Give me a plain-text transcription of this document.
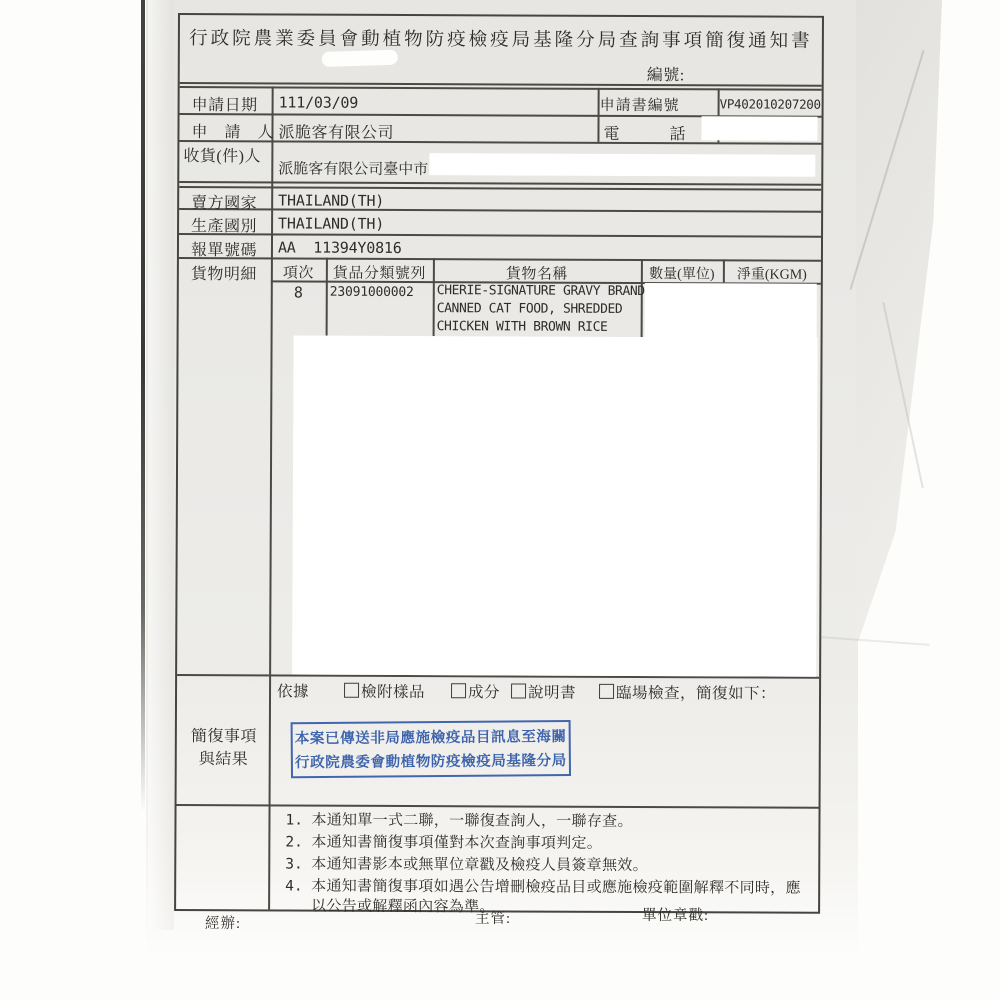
行政院農業委員會動植物防疫檢疫局基隆分局查詢事項簡復通知書
編號:
申請日期 111/03/09	申請書編號	VP402010207200
申　請　人 派脆客有限公司	電　　　話
收貨(件)人
派脆客有限公司臺中市
賣方國家 THAILAND(TH)
生產國別 THAILAND(TH)
報單號碼 AA  11394Y0816
貨物明細	項次	貨品分類號列	貨物名稱	數量(單位)	淨重(KGM)
8	23091000002 CHERIE-SIGNATURE GRAVY BRAND
CANNED CAT FOOD, SHREDDED
CHICKEN WITH BROWN RICE
依據	檢附樣品	成分 說明書	臨場檢查，簡復如下：
簡復事項
與結果
本案已傳送非局應施檢疫品目訊息至海關
行政院農委會動植物防疫檢疫局基隆分局
1. 本通知單一式二聯，一聯復查詢人，一聯存查。
2. 本通知書簡復事項僅對本次查詢事項判定。
3. 本通知書影本或無單位章戳及檢疫人員簽章無效。
4. 本通知書簡復事項如遇公告增刪檢疫品目或應施檢疫範圍解釋不同時，應
以公告或解釋函內容為準。
經辦:	主管:	單位章戳:
